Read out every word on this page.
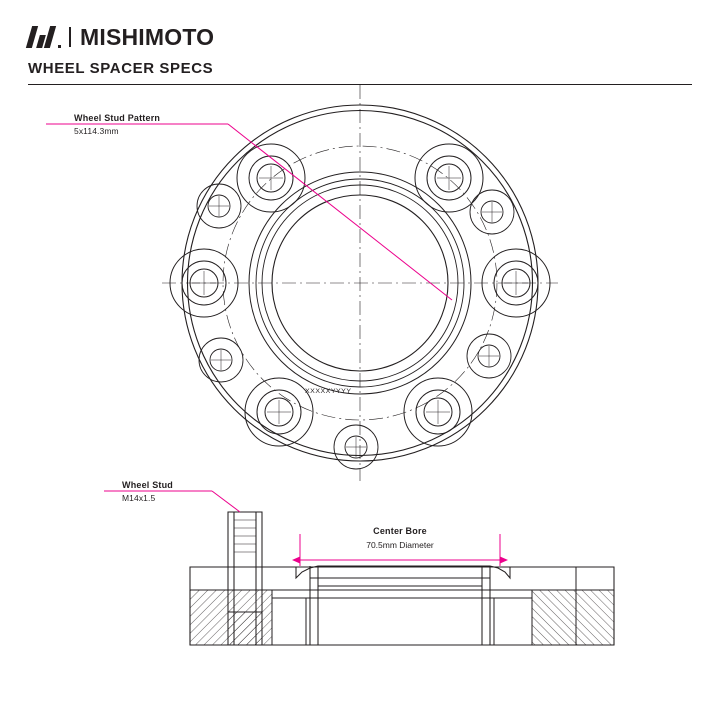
MISHIMOTO
WHEEL SPACER SPECS
Wheel Stud Pattern
5x114.3mm
Wheel Stud
M14x1.5
Center Bore
70.5mm Diameter
XXXXXYYYY
